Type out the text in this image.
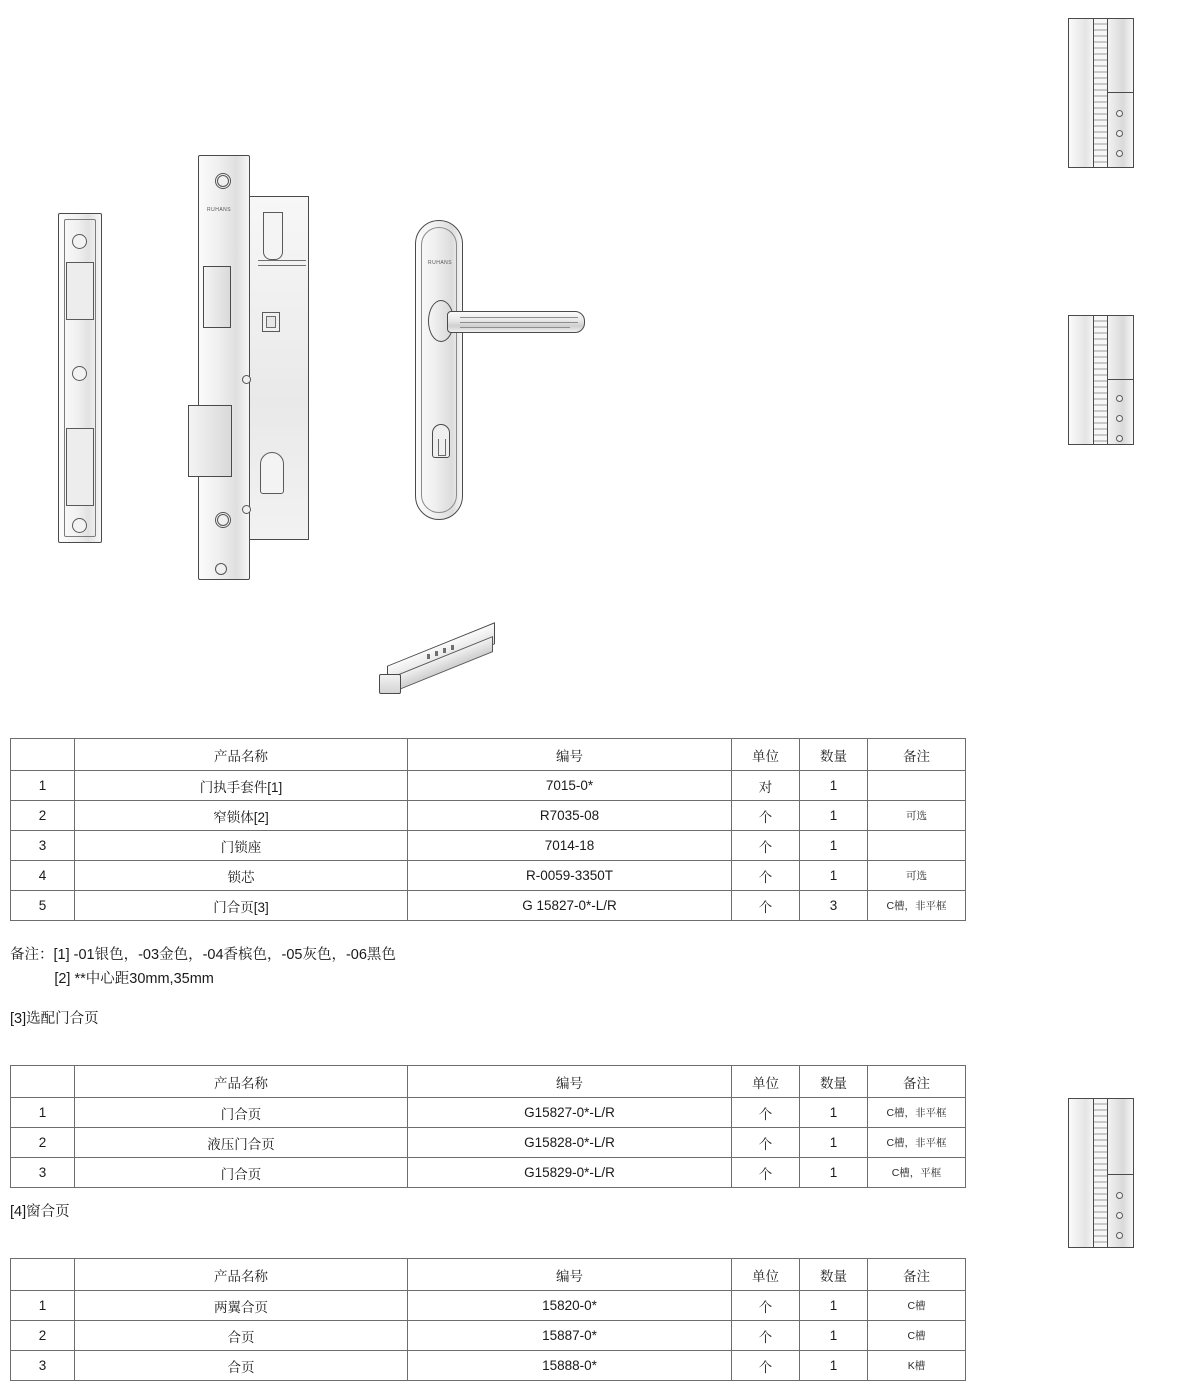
RUHANS
RUHANS
	产品名称	编号	单位	数量	备注
1	门执手套件[1]	7015-0*	对	1	
2	窄锁体[2]	R7035-08	个	1	可选
3	门锁座	7014-18	个	1	
4	锁芯	R-0059-3350T	个	1	可选
5	门合页[3]	G 15827-0*-L/R	个	3	C槽，非平框
备注：[1] -01银色，-03金色，-04香槟色，-05灰色，-06黑色
[2] **中心距30mm,35mm
[3]选配门合页
	产品名称	编号	单位	数量	备注
1	门合页	G15827-0*-L/R	个	1	C槽，非平框
2	液压门合页	G15828-0*-L/R	个	1	C槽，非平框
3	门合页	G15829-0*-L/R	个	1	C槽，平框
[4]窗合页
	产品名称	编号	单位	数量	备注
1	两翼合页	15820-0*	个	1	C槽
2	合页	15887-0*	个	1	C槽
3	合页	15888-0*	个	1	K槽
